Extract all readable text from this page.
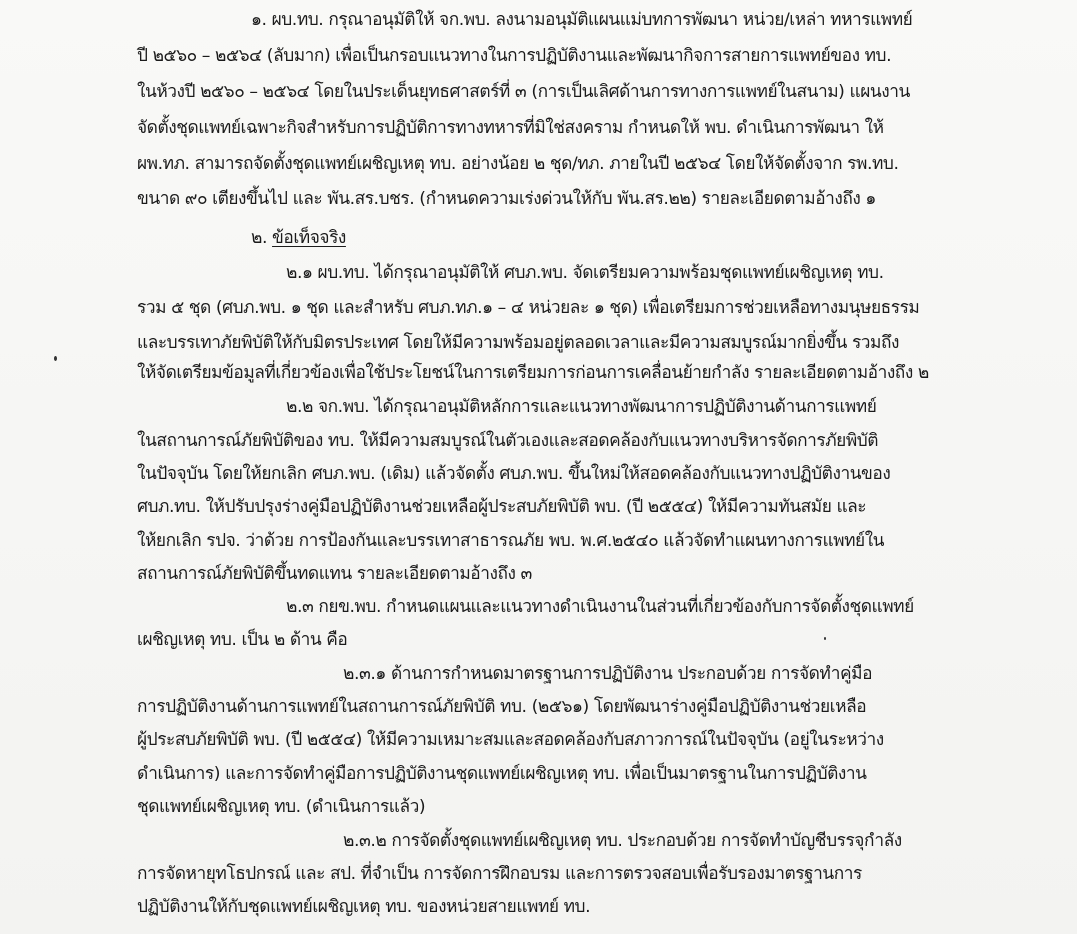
๑. ผบ.ทบ. กรุณาอนุมัติให้ จก.พบ. ลงนามอนุมัติแผนแม่บทการพัฒนา หน่วย/เหล่า ทหารแพทย์
ปี ๒๕๖๐ – ๒๕๖๔ (ลับมาก) เพื่อเป็นกรอบแนวทางในการปฏิบัติงานและพัฒนากิจการสายการแพทย์ของ ทบ.
ในห้วงปี ๒๕๖๐ – ๒๕๖๔ โดยในประเด็นยุทธศาสตร์ที่ ๓ (การเป็นเลิศด้านการทางการแพทย์ในสนาม) แผนงาน
จัดตั้งชุดแพทย์เฉพาะกิจสำหรับการปฏิบัติการทางทหารที่มิใช่สงคราม กำหนดให้ พบ. ดำเนินการพัฒนา ให้
ผพ.ทภ. สามารถจัดตั้งชุดแพทย์เผชิญเหตุ ทบ. อย่างน้อย ๒ ชุด/ทภ. ภายในปี ๒๕๖๔ โดยให้จัดตั้งจาก รพ.ทบ.
ขนาด ๙๐ เตียงขึ้นไป และ พัน.สร.บชร. (กำหนดความเร่งด่วนให้กับ พัน.สร.๒๒) รายละเอียดตามอ้างถึง ๑
๒. ข้อเท็จจริง
๒.๑ ผบ.ทบ. ได้กรุณาอนุมัติให้ ศบภ.พบ. จัดเตรียมความพร้อมชุดแพทย์เผชิญเหตุ ทบ.
รวม ๕ ชุด (ศบภ.พบ. ๑ ชุด และสำหรับ ศบภ.ทภ.๑ – ๔ หน่วยละ ๑ ชุด) เพื่อเตรียมการช่วยเหลือทางมนุษยธรรม
และบรรเทาภัยพิบัติให้กับมิตรประเทศ โดยให้มีความพร้อมอยู่ตลอดเวลาและมีความสมบูรณ์มากยิ่งขึ้น รวมถึง
ให้จัดเตรียมข้อมูลที่เกี่ยวข้องเพื่อใช้ประโยชน์ในการเตรียมการก่อนการเคลื่อนย้ายกำลัง รายละเอียดตามอ้างถึง ๒
๒.๒ จก.พบ. ได้กรุณาอนุมัติหลักการและแนวทางพัฒนาการปฏิบัติงานด้านการแพทย์
ในสถานการณ์ภัยพิบัติของ ทบ. ให้มีความสมบูรณ์ในตัวเองและสอดคล้องกับแนวทางบริหารจัดการภัยพิบัติ
ในปัจจุบัน โดยให้ยกเลิก ศบภ.พบ. (เดิม) แล้วจัดตั้ง ศบภ.พบ. ขึ้นใหม่ให้สอดคล้องกับแนวทางปฏิบัติงานของ
ศบภ.ทบ. ให้ปรับปรุงร่างคู่มือปฏิบัติงานช่วยเหลือผู้ประสบภัยพิบัติ พบ. (ปี ๒๕๕๔) ให้มีความทันสมัย และ
ให้ยกเลิก รปจ. ว่าด้วย การป้องกันและบรรเทาสาธารณภัย พบ. พ.ศ.๒๕๔๐ แล้วจัดทำแผนทางการแพทย์ใน
สถานการณ์ภัยพิบัติขึ้นทดแทน รายละเอียดตามอ้างถึง ๓
๒.๓ กยข.พบ. กำหนดแผนและแนวทางดำเนินงานในส่วนที่เกี่ยวข้องกับการจัดตั้งชุดแพทย์
เผชิญเหตุ ทบ. เป็น ๒ ด้าน คือ
๒.๓.๑ ด้านการกำหนดมาตรฐานการปฏิบัติงาน ประกอบด้วย การจัดทำคู่มือ
การปฏิบัติงานด้านการแพทย์ในสถานการณ์ภัยพิบัติ ทบ. (๒๕๖๑) โดยพัฒนาร่างคู่มือปฏิบัติงานช่วยเหลือ
ผู้ประสบภัยพิบัติ พบ. (ปี ๒๕๕๔) ให้มีความเหมาะสมและสอดคล้องกับสภาวการณ์ในปัจจุบัน (อยู่ในระหว่าง
ดำเนินการ) และการจัดทำคู่มือการปฏิบัติงานชุดแพทย์เผชิญเหตุ ทบ. เพื่อเป็นมาตรฐานในการปฏิบัติงาน
ชุดแพทย์เผชิญเหตุ ทบ. (ดำเนินการแล้ว)
๒.๓.๒ การจัดตั้งชุดแพทย์เผชิญเหตุ ทบ. ประกอบด้วย การจัดทำบัญชีบรรจุกำลัง
การจัดหายุทโธปกรณ์ และ สป. ที่จำเป็น การจัดการฝึกอบรม และการตรวจสอบเพื่อรับรองมาตรฐานการ
ปฏิบัติงานให้กับชุดแพทย์เผชิญเหตุ ทบ. ของหน่วยสายแพทย์ ทบ.
